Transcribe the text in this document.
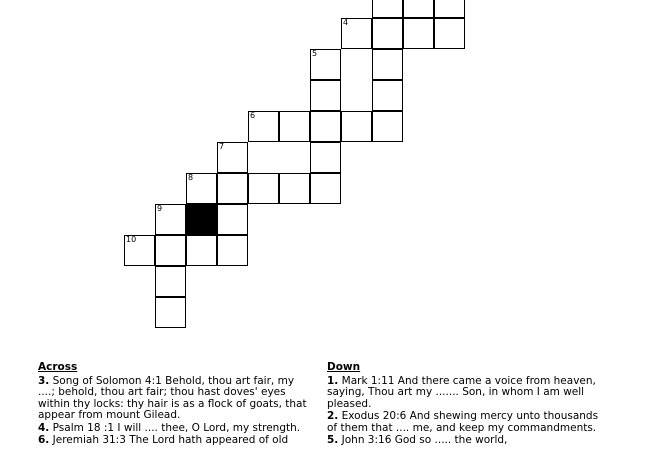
4
5
6
7
8
9
10
Across
3. Song of Solomon 4:1 Behold, thou art fair, my ....; behold, thou art fair; thou hast doves' eyes within thy locks: thy hair is as a flock of goats, that appear from mount Gilead.
4. Psalm 18 :1 I will .... thee, O Lord, my strength.
6. Jeremiah 31:3 The Lord hath appeared of old
Down
1. Mark 1:11 And there came a voice from heaven, saying, Thou art my ....... Son, in whom I am well pleased.
2. Exodus 20:6 And shewing mercy unto thousands of them that .... me, and keep my commandments.
5. John 3:16 God so ..... the world,
